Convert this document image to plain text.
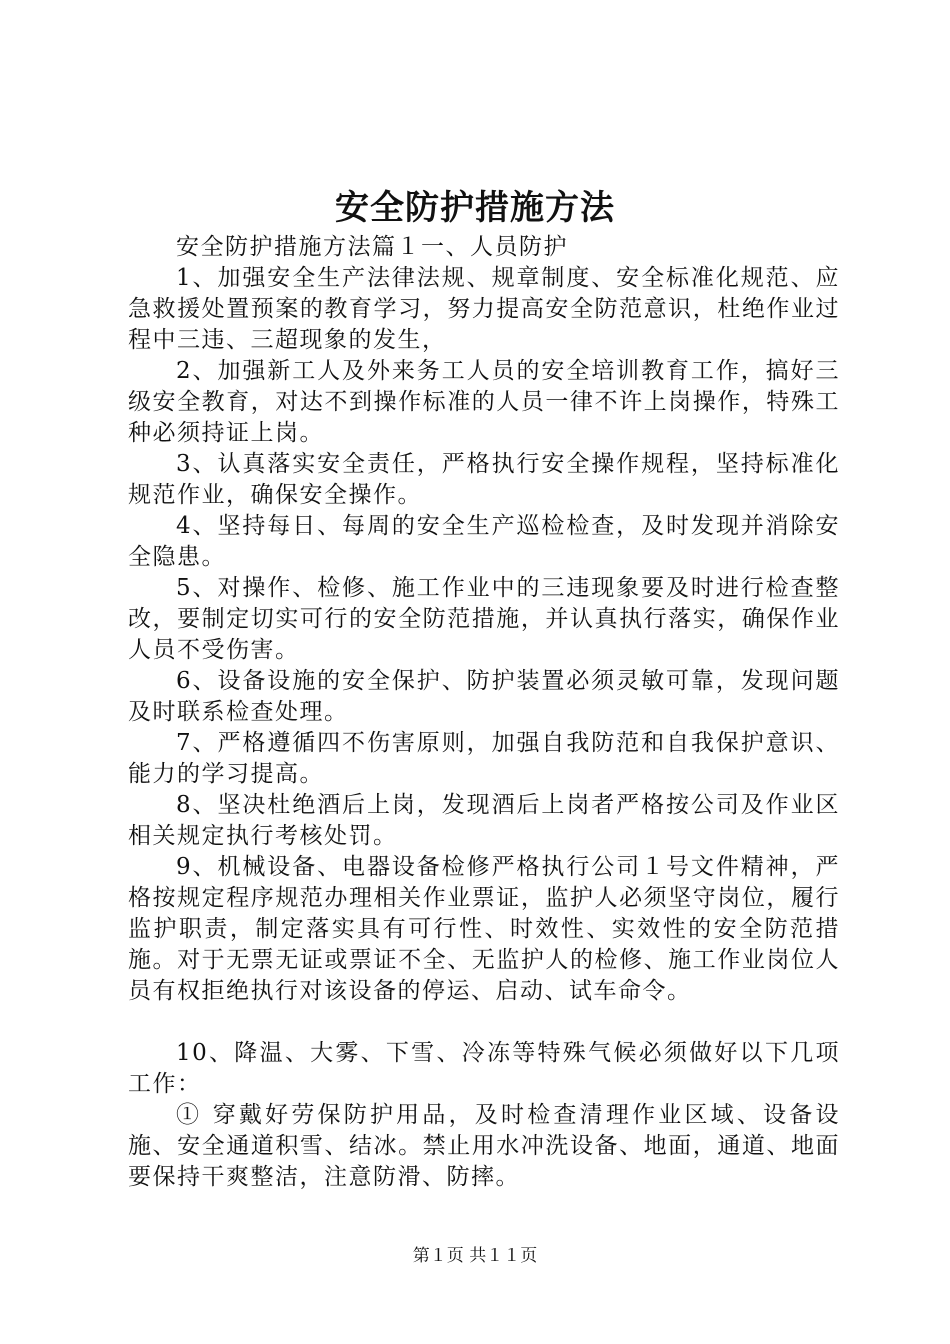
安全防护措施方法

安全防护措施方法篇１一、人员防护

1、加强安全生产法律法规、规章制度、安全标准化规范、应急救援处置预案的教育学习，努力提高安全防范意识，杜绝作业过程中三违、三超现象的发生，

2、加强新工人及外来务工人员的安全培训教育工作，搞好三级安全教育，对达不到操作标准的人员一律不许上岗操作，特殊工种必须持证上岗。

3、认真落实安全责任，严格执行安全操作规程，坚持标准化规范作业，确保安全操作。

4、坚持每日、每周的安全生产巡检检查，及时发现并消除安全隐患。

5、对操作、检修、施工作业中的三违现象要及时进行检查整改，要制定切实可行的安全防范措施，并认真执行落实，确保作业人员不受伤害。

6、设备设施的安全保护、防护装置必须灵敏可靠，发现问题及时联系检查处理。

7、严格遵循四不伤害原则，加强自我防范和自我保护意识、能力的学习提高。

8、坚决杜绝酒后上岗，发现酒后上岗者严格按公司及作业区相关规定执行考核处罚。

9、机械设备、电器设备检修严格执行公司１号文件精神，严格按规定程序规范办理相关作业票证，监护人必须坚守岗位，履行监护职责，制定落实具有可行性、时效性、实效性的安全防范措施。对于无票无证或票证不全、无监护人的检修、施工作业岗位人员有权拒绝执行对该设备的停运、启动、试车命令。

10、降温、大雾、下雪、冷冻等特殊气候必须做好以下几项工作：

① 穿戴好劳保防护用品，及时检查清理作业区域、设备设施、安全通道积雪、结冰。禁止用水冲洗设备、地面，通道、地面要保持干爽整洁，注意防滑、防摔。

第１页 共１１页
